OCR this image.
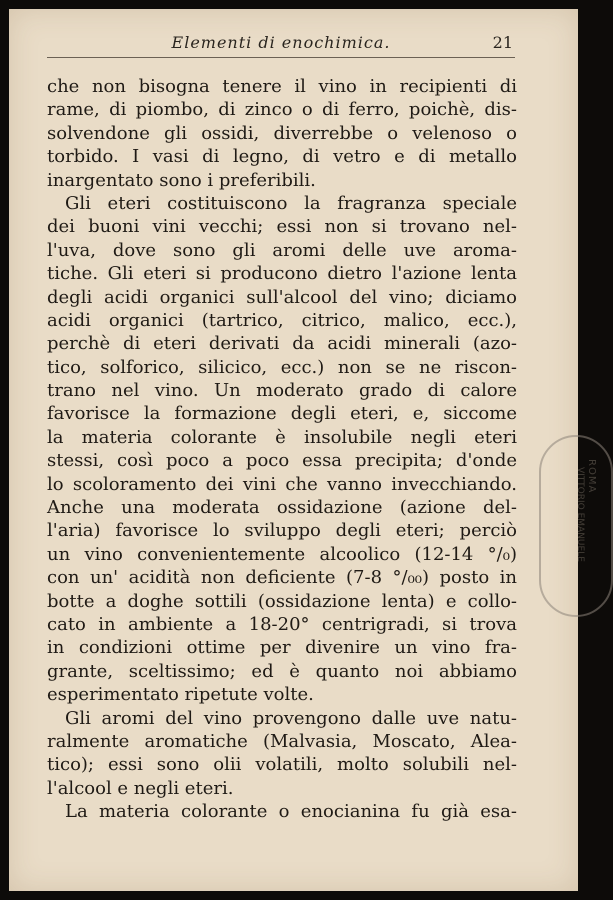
Elementi di enochimica.	21
che non bisogna tenere il vino in recipienti di
rame, di piombo, di zinco o di ferro, poichè, dis-
solvendone gli ossidi, diverrebbe o velenoso o
torbido. I vasi di legno, di vetro e di metallo
inargentato sono i preferibili.
Gli eteri costituiscono la fragranza speciale
dei buoni vini vecchi; essi non si trovano nel-
l'uva, dove sono gli aromi delle uve aroma-
tiche. Gli eteri si producono dietro l'azione lenta
degli acidi organici sull'alcool del vino; diciamo
acidi organici (tartrico, citrico, malico, ecc.),
perchè di eteri derivati da acidi minerali (azo-
tico, solforico, silicico, ecc.) non se ne riscon-
trano nel vino. Un moderato grado di calore
favorisce la formazione degli eteri, e, siccome
la materia colorante è insolubile negli eteri
stessi, così poco a poco essa precipita; d'onde
lo scoloramento dei vini che vanno invecchiando.
Anche una moderata ossidazione (azione del-
l'aria) favorisce lo sviluppo degli eteri; perciò
un vino convenientemente alcoolico (12-14 °/₀)
con un' acidità non deficiente (7-8 °/₀₀) posto in
botte a doghe sottili (ossidazione lenta) e collo-
cato in ambiente a 18-20° centrigradi, si trova
in condizioni ottime per divenire un vino fra-
grante, sceltissimo; ed è quanto noi abbiamo
esperimentato ripetute volte.
Gli aromi del vino provengono dalle uve natu-
ralmente aromatiche (Malvasia, Moscato, Alea-
tico); essi sono olii volatili, molto solubili nel-
l'alcool e negli eteri.
La materia colorante o enocianina fu già esa-
ROMA
VITTORIO EMANUELE
